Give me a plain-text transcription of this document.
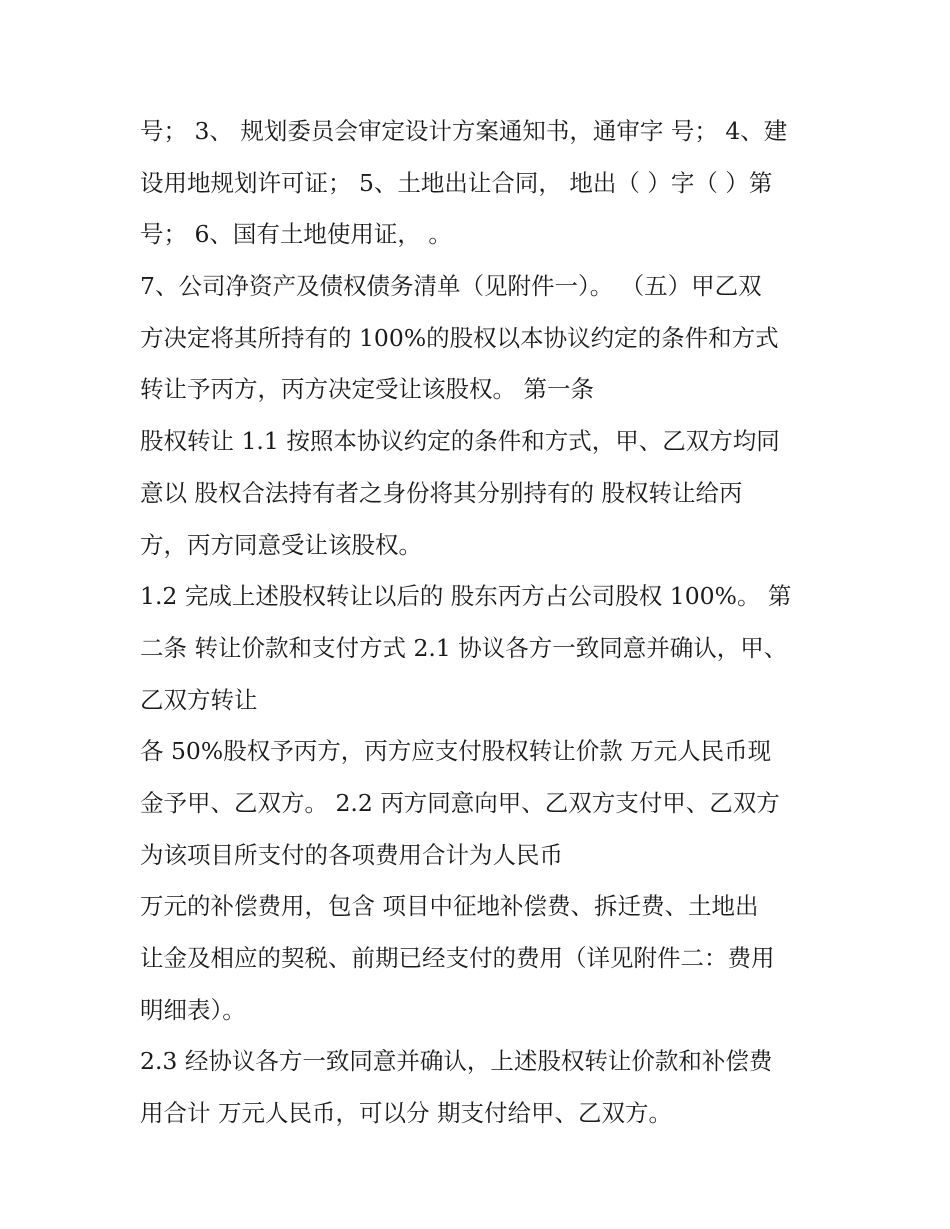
号； 3、 规划委员会审定设计方案通知书，通审字 号； 4、建
设用地规划许可证； 5、土地出让合同， 地出（ ）字（ ）第
号； 6、国有土地使用证， 。
7、公司净资产及债权债务清单（见附件一）。 （五）甲乙双
方决定将其所持有的 100%的股权以本协议约定的条件和方式
转让予丙方，丙方决定受让该股权。 第一条
股权转让 1.1 按照本协议约定的条件和方式，甲、乙双方均同
意以 股权合法持有者之身份将其分别持有的 股权转让给丙
方，丙方同意受让该股权。
1.2 完成上述股权转让以后的 股东丙方占公司股权 100%。 第
二条 转让价款和支付方式 2.1 协议各方一致同意并确认，甲、
乙双方转让
各 50%股权予丙方，丙方应支付股权转让价款 万元人民币现
金予甲、乙双方。 2.2 丙方同意向甲、乙双方支付甲、乙双方
为该项目所支付的各项费用合计为人民币
万元的补偿费用，包含 项目中征地补偿费、拆迁费、土地出
让金及相应的契税、前期已经支付的费用（详见附件二：费用
明细表）。
2.3 经协议各方一致同意并确认，上述股权转让价款和补偿费
用合计 万元人民币，可以分 期支付给甲、乙双方。
